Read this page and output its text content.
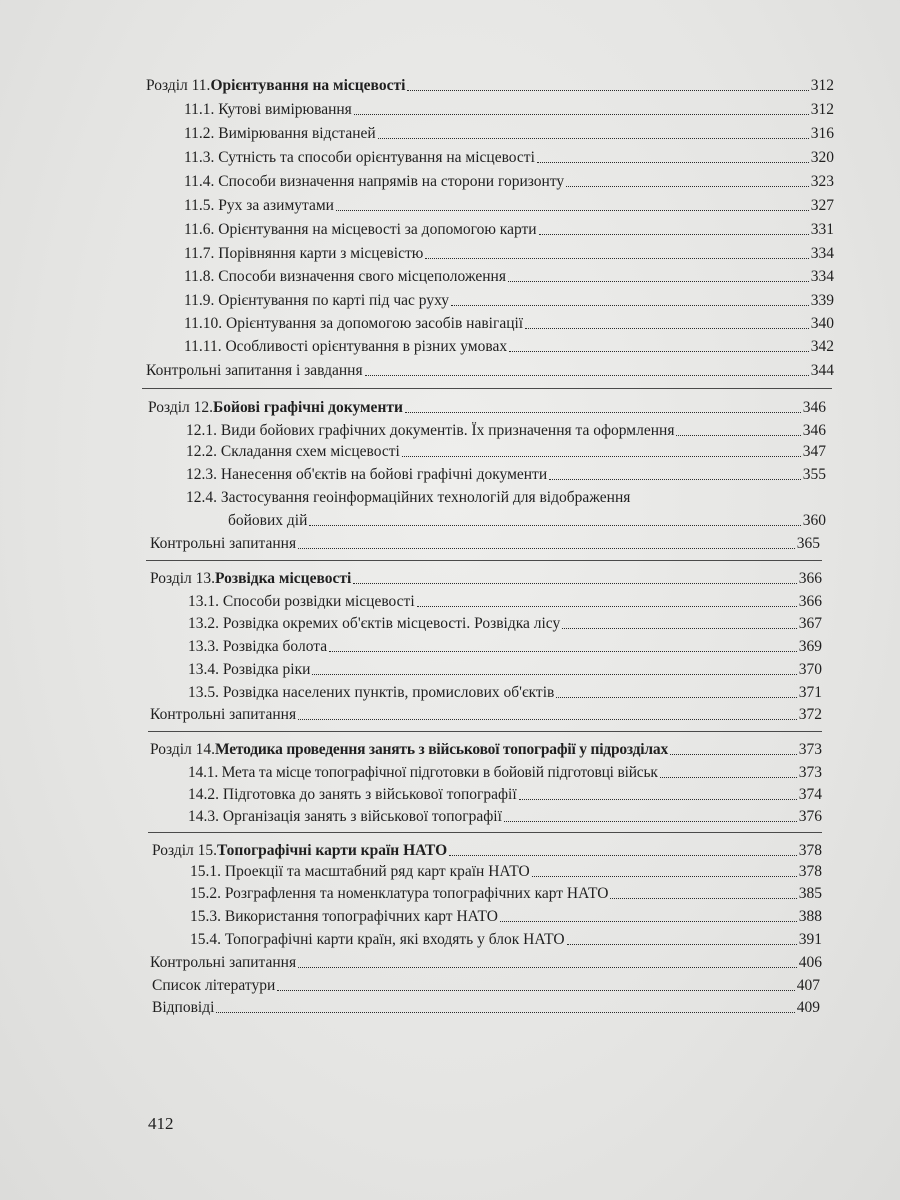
Розділ 11. Орієнтування на місцевості	312
11.1. Кутові вимірювання	312
11.2. Вимірювання відстаней	316
11.3. Сутність та способи орієнтування на місцевості	320
11.4. Способи визначення напрямів на сторони горизонту	323
11.5. Рух за азимутами	327
11.6. Орієнтування на місцевості за допомогою карти	331
11.7. Порівняння карти з місцевістю	334
11.8. Способи визначення свого місцеположення	334
11.9. Орієнтування по карті під час руху	339
11.10. Орієнтування за допомогою засобів навігації	340
11.11. Особливості орієнтування в різних умовах	342
Контрольні запитання і завдання	344
Розділ 12. Бойові графічні документи	346
12.1. Види бойових графічних документів. Їх призначення та оформлення	346
12.2. Складання схем місцевості	347
12.3. Нанесення об'єктів на бойові графічні документи	355
12.4. Застосування геоінформаційних технологій для відображення
бойових дій	360
Контрольні запитання	365
Розділ 13. Розвідка місцевості	366
13.1. Способи розвідки місцевості	366
13.2. Розвідка окремих об'єктів місцевості. Розвідка лісу	367
13.3. Розвідка болота	369
13.4. Розвідка ріки	370
13.5. Розвідка населених пунктів, промислових об'єктів	371
Контрольні запитання	372
Розділ 14. Методика проведення занять з військової топографії у підрозділах	373
14.1. Мета та місце топографічної підготовки в бойовій підготовці військ	373
14.2. Підготовка до занять з військової топографії	374
14.3. Організація занять з військової топографії	376
Розділ 15. Топографічні карти країн НАТО	378
15.1. Проекції та масштабний ряд карт країн НАТО	378
15.2. Розграфлення та номенклатура топографічних карт НАТО	385
15.3. Використання топографічних карт НАТО	388
15.4. Топографічні карти країн, які входять у блок НАТО	391
Контрольні запитання	406
Список літератури	407
Відповіді	409
412
